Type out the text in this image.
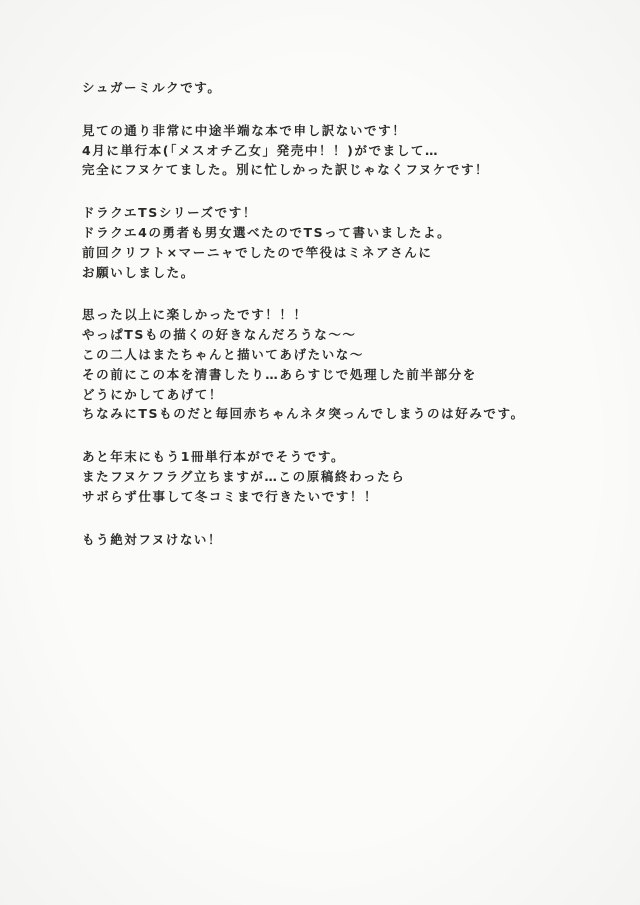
シュガーミルクです。
見ての通り非常に中途半端な本で申し訳ないです！
4月に単行本(「メスオチ乙女」発売中！！)がでまして…
完全にフヌケてました。別に忙しかった訳じゃなくフヌケです！
ドラクエTSシリーズです！
ドラクエ4の勇者も男女選べたのでTSって書いましたよ。
前回クリフト×マーニャでしたので竿役はミネアさんに
お願いしました。
思った以上に楽しかったです！！！
やっぱTSもの描くの好きなんだろうな～～
この二人はまたちゃんと描いてあげたいな～
その前にこの本を清書したり…あらすじで処理した前半部分を
どうにかしてあげて！
ちなみにTSものだと毎回赤ちゃんネタ突っんでしまうのは好みです。
あと年末にもう1冊単行本がでそうです。
またフヌケフラグ立ちますが…この原稿終わったら
サボらず仕事して冬コミまで行きたいです！！
もう絶対フヌけない！
